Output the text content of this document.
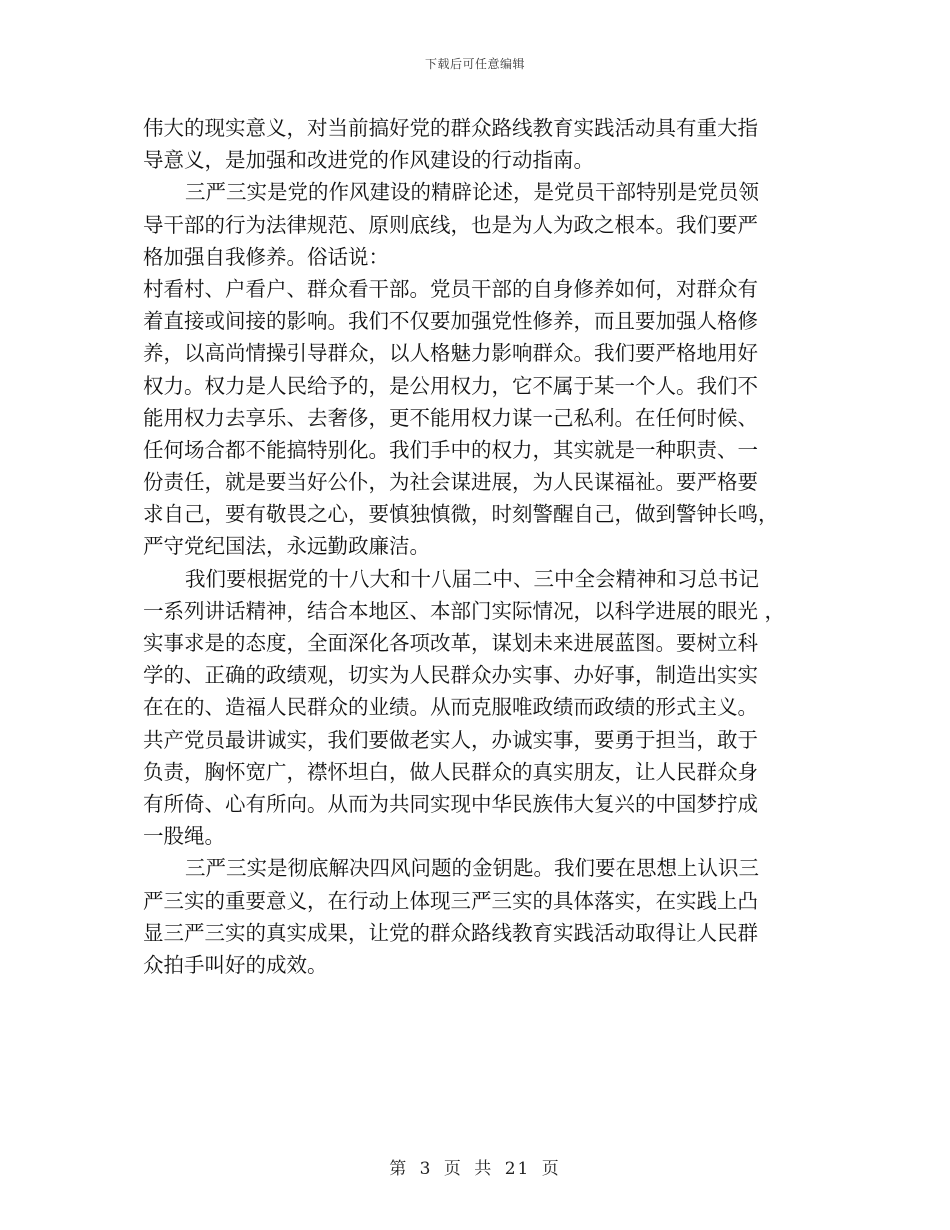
下载后可任意编辑
伟大的现实意义，对当前搞好党的群众路线教育实践活动具有重大指
导意义，是加强和改进党的作风建设的行动指南。
三严三实是党的作风建设的精辟论述，是党员干部特别是党员领
导干部的行为法律规范、原则底线，也是为人为政之根本。我们要严
格加强自我修养。俗话说：
村看村、户看户、群众看干部。党员干部的自身修养如何，对群众有
着直接或间接的影响。我们不仅要加强党性修养，而且要加强人格修
养，以高尚情操引导群众，以人格魅力影响群众。我们要严格地用好
权力。权力是人民给予的，是公用权力，它不属于某一个人。我们不
能用权力去享乐、去奢侈，更不能用权力谋一己私利。在任何时候、
任何场合都不能搞特别化。我们手中的权力，其实就是一种职责、一
份责任，就是要当好公仆，为社会谋进展，为人民谋福祉。要严格要
求自己，要有敬畏之心，要慎独慎微，时刻警醒自己，做到警钟长鸣，
严守党纪国法，永远勤政廉洁。
我们要根据党的十八大和十八届二中、三中全会精神和习总书记
一系列讲话精神，结合本地区、本部门实际情况，以科学进展的眼光 ，
实事求是的态度，全面深化各项改革，谋划未来进展蓝图。要树立科
学的、正确的政绩观，切实为人民群众办实事、办好事，制造出实实
在在的、造福人民群众的业绩。从而克服唯政绩而政绩的形式主义。
共产党员最讲诚实，我们要做老实人，办诚实事，要勇于担当，敢于
负责，胸怀宽广，襟怀坦白，做人民群众的真实朋友，让人民群众身
有所倚、心有所向。从而为共同实现中华民族伟大复兴的中国梦拧成
一股绳。
三严三实是彻底解决四风问题的金钥匙。我们要在思想上认识三
严三实的重要意义，在行动上体现三严三实的具体落实，在实践上凸
显三严三实的真实成果，让党的群众路线教育实践活动取得让人民群
众拍手叫好的成效。
第 3 页 共 21 页
